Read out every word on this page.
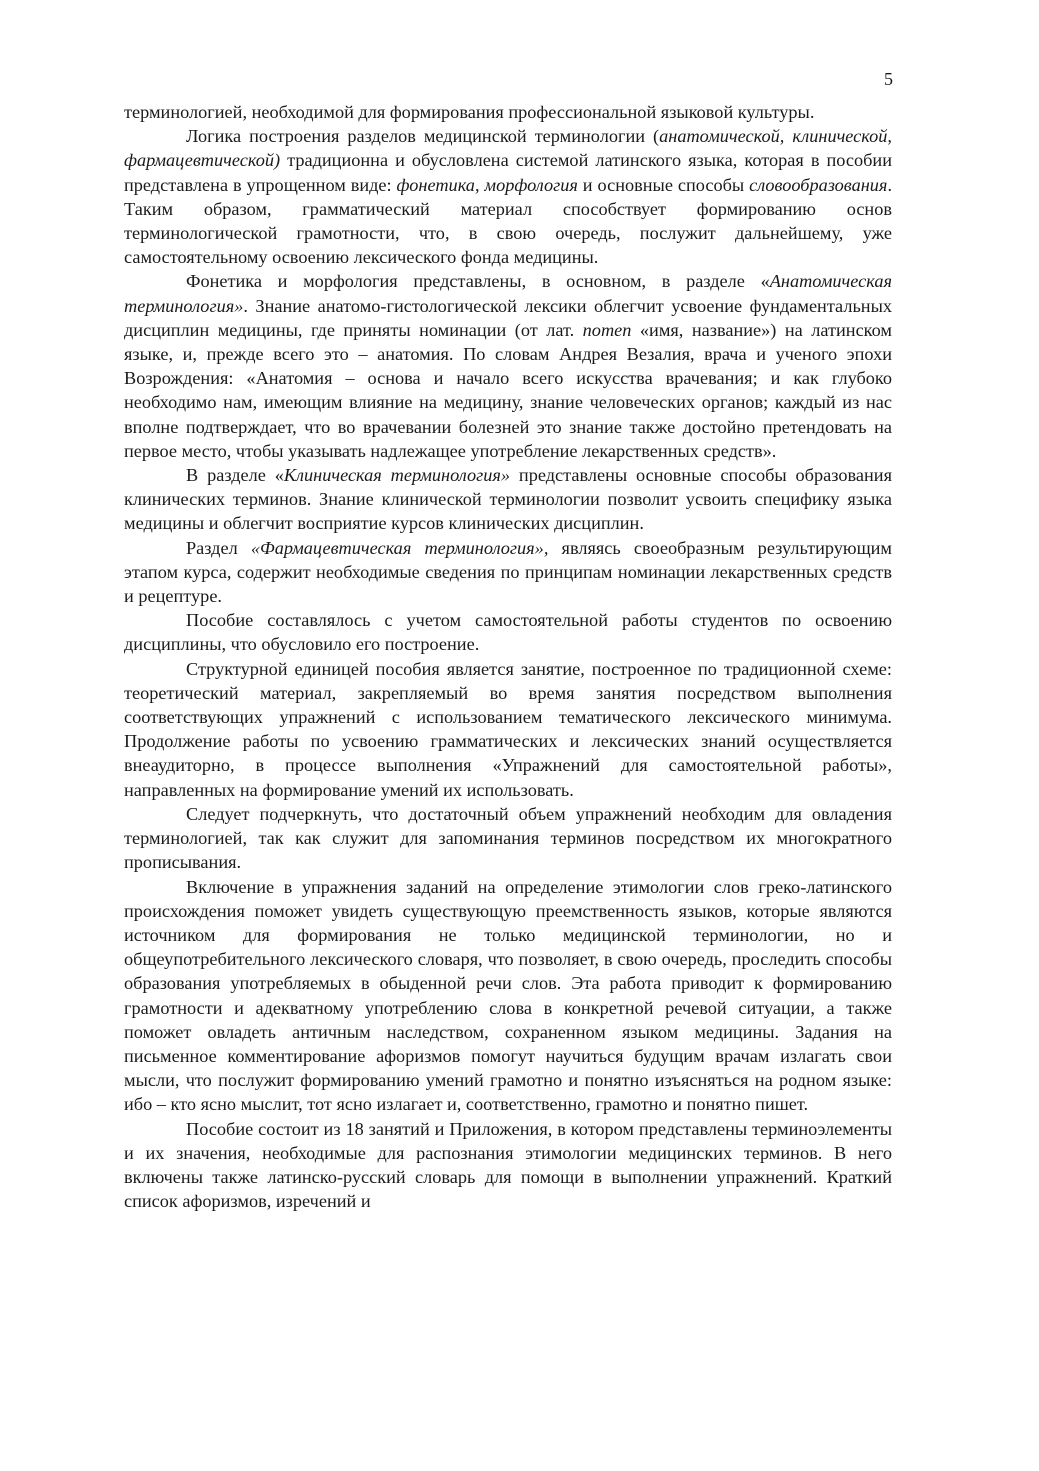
5

терминологией, необходимой для формирования профессиональной языковой культуры.

Логика построения разделов медицинской терминологии (анатомической, клинической, фармацевтической) традиционна и обусловлена системой латинского языка, которая в пособии представлена в упрощенном виде: фонетика, морфология и основные способы словообразования. Таким образом, грамматический материал способствует формированию основ терминологической грамотности, что, в свою очередь, послужит дальнейшему, уже самостоятельному освоению лексического фонда медицины.

Фонетика и морфология представлены, в основном, в разделе «Анатомическая терминология». Знание анатомо-гистологической лексики облегчит усвоение фундаментальных дисциплин медицины, где приняты номинации (от лат. nomen «имя, название») на латинском языке, и, прежде всего это – анатомия. По словам Андрея Везалия, врача и ученого эпохи Возрождения: «Анатомия – основа и начало всего искусства врачевания; и как глубоко необходимо нам, имеющим влияние на медицину, знание человеческих органов; каждый из нас вполне подтверждает, что во врачевании болезней это знание также достойно претендовать на первое место, чтобы указывать надлежащее употребление лекарственных средств».

В разделе «Клиническая терминология» представлены основные способы образования клинических терминов. Знание клинической терминологии позволит усвоить специфику языка медицины и облегчит восприятие курсов клинических дисциплин.

Раздел «Фармацевтическая терминология», являясь своеобразным результирующим этапом курса, содержит необходимые сведения по принципам номинации лекарственных средств и рецептуре.

Пособие составлялось с учетом самостоятельной работы студентов по освоению дисциплины, что обусловило его построение.

Структурной единицей пособия является занятие, построенное по традиционной схеме: теоретический материал, закрепляемый во время занятия посредством выполнения соответствующих упражнений с использованием тематического лексического минимума. Продолжение работы по усвоению грамматических и лексических знаний осуществляется внеаудиторно, в процессе выполнения «Упражнений для самостоятельной работы», направленных на формирование умений их использовать.

Следует подчеркнуть, что достаточный объем упражнений необходим для овладения терминологией, так как служит для запоминания терминов посредством их многократного прописывания.

Включение в упражнения заданий на определение этимологии слов греко-латинского происхождения поможет увидеть существующую преемственность языков, которые являются источником для формирования не только медицинской терминологии, но и общеупотребительного лексического словаря, что позволяет, в свою очередь, проследить способы образования употребляемых в обыденной речи слов. Эта работа приводит к формированию грамотности и адекватному употреблению слова в конкретной речевой ситуации, а также поможет овладеть античным наследством, сохраненном языком медицины. Задания на письменное комментирование афоризмов помогут научиться будущим врачам излагать свои мысли, что послужит формированию умений грамотно и понятно изъясняться на родном языке: ибо – кто ясно мыслит, тот ясно излагает и, соответственно, грамотно и понятно пишет.

Пособие состоит из 18 занятий и Приложения, в котором представлены терминоэлементы и их значения, необходимые для распознания этимологии медицинских терминов. В него включены также латинско-русский словарь для помощи в выполнении упражнений. Краткий список афоризмов, изречений и
